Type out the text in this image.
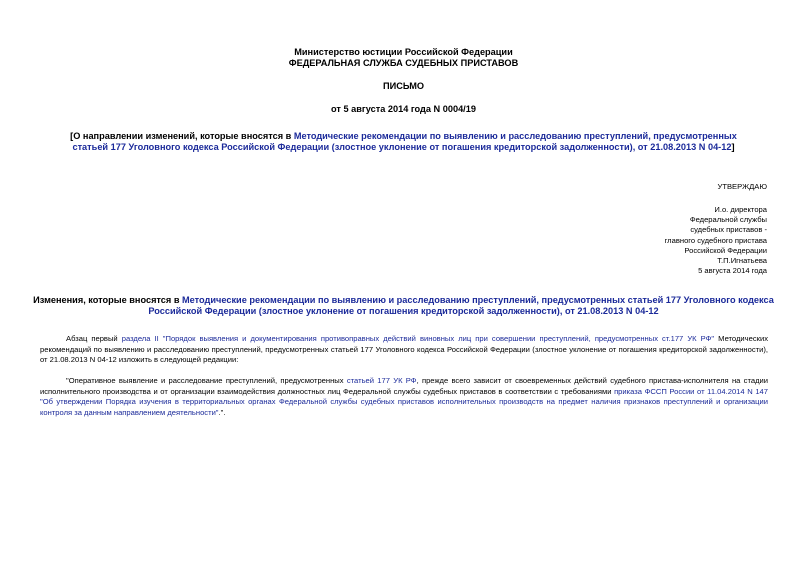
Министерство юстиции Российской Федерации
ФЕДЕРАЛЬНАЯ СЛУЖБА СУДЕБНЫХ ПРИСТАВОВ
ПИСЬМО
от 5 августа 2014 года N 0004/19
[О направлении изменений, которые вносятся в Методические рекомендации по выявлению и расследованию преступлений, предусмотренных статьей 177 Уголовного кодекса Российской Федерации (злостное уклонение от погашения кредиторской задолженности), от 21.08.2013 N 04-12]
УТВЕРЖДАЮ
И.о. директора
Федеральной службы
судебных приставов -
главного судебного пристава
Российской Федерации
Т.П.Игнатьева
5 августа 2014 года
Изменения, которые вносятся в Методические рекомендации по выявлению и расследованию преступлений, предусмотренных статьей 177 Уголовного кодекса
Российской Федерации (злостное уклонение от погашения кредиторской задолженности), от 21.08.2013 N 04-12
Абзац первый раздела II "Порядок выявления и документирования противоправных действий виновных лиц при совершении преступлений, предусмотренных ст.177 УК РФ" Методических рекомендаций по выявлению и расследованию преступлений, предусмотренных статьей 177 Уголовного кодекса Российской Федерации (злостное уклонение от погашения кредиторской задолженности), от 21.08.2013 N 04-12 изложить в следующей редакции:
"Оперативное выявление и расследование преступлений, предусмотренных статьей 177 УК РФ, прежде всего зависит от своевременных действий судебного пристава-исполнителя на стадии исполнительного производства и от организации взаимодействия должностных лиц Федеральной службы судебных приставов в соответствии с требованиями приказа ФССП России от 11.04.2014 N 147 "Об утверждении Порядка изучения в территориальных органах Федеральной службы судебных приставов исполнительных производств на предмет наличия признаков преступлений и организации контроля за данным направлением деятельности".".
